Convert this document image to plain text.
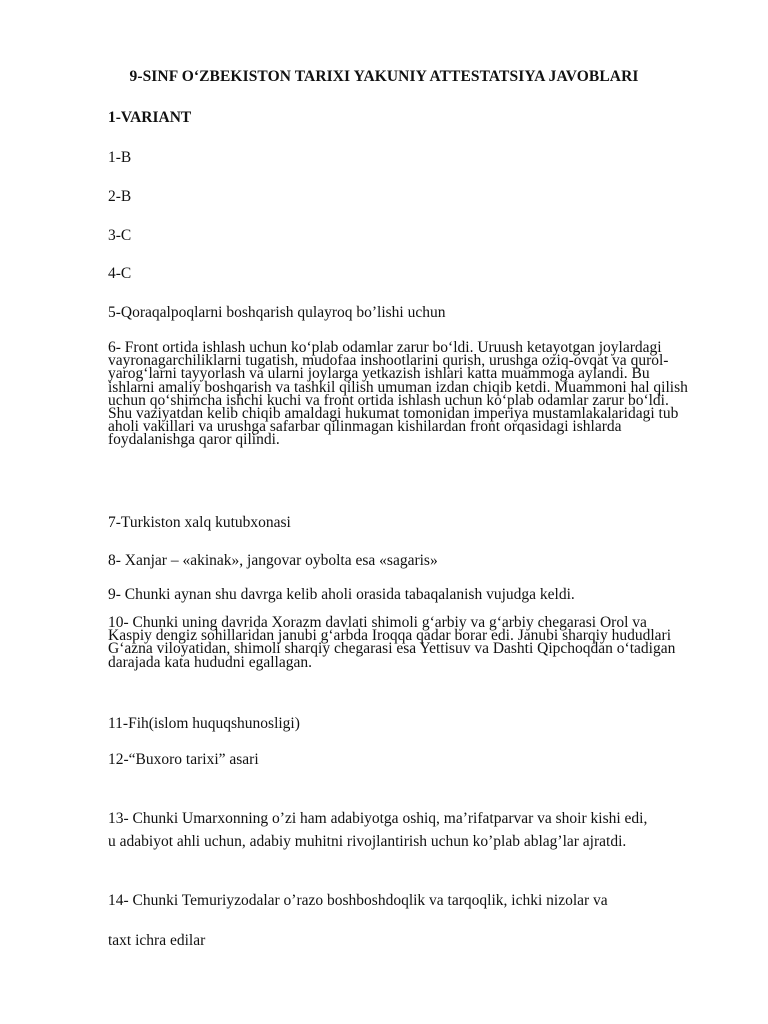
9-SINF O‘ZBEKISTON TARIXI YAKUNIY ATTESTATSIYA JAVOBLARI
1-VARIANT
1-B
2-B
3-C
4-C
5-Qoraqalpoqlarni boshqarish qulayroq bo’lishi uchun
6- Front ortida ishlash uchun ko‘plab odamlar zarur bo‘ldi. Uruush ketayotgan joylardagi vayronagarchiliklarni tugatish, mudofaa inshootlarini qurish, urushga oziq-ovqat va qurol-yarog‘larni tayyorlash va ularni joylarga yetkazish ishlari katta muammoga aylandi. Bu ishlarni amaliy boshqarish va tashkil qilish umuman izdan chiqib ketdi. Muammoni hal qilish uchun qo‘shimcha ishchi kuchi va front ortida ishlash uchun ko‘plab odamlar zarur bo‘ldi. Shu vaziyatdan kelib chiqib amaldagi hukumat tomonidan imperiya mustamlakalaridagi tub aholi vakillari va urushga safarbar qilinmagan kishilardan front orqasidagi ishlarda foydalanishga qaror qilindi.
7-Turkiston xalq kutubxonasi
8- Xanjar – «akinak», jangovar oybolta esa «sagaris»
9- Chunki aynan shu davrga kelib aholi orasida tabaqalanish vujudga keldi.
10- Chunki uning davrida Xorazm davlati shimoli g‘arbiy va g‘arbiy chegarasi Orol va Kaspiy dengiz sohillaridan janubi g‘arbda Iroqqa qadar borar edi. Janubi sharqiy hududlari G‘azna viloyatidan, shimoli sharqiy chegarasi esa Yettisuv va Dashti Qipchoqdan o‘tadigan darajada kata hududni egallagan.
11-Fih(islom huquqshunosligi)
12-“Buxoro tarixi” asari
13- Chunki Umarxonning o’zi ham adabiyotga oshiq, ma’rifatparvar va shoir kishi edi, u adabiyot ahli uchun, adabiy muhitni rivojlantirish uchun ko’plab ablag’lar ajratdi.
14- Chunki Temuriyzodalar o’razo boshboshdoqlik va tarqoqlik, ichki nizolar va
taxt ichra edilar
